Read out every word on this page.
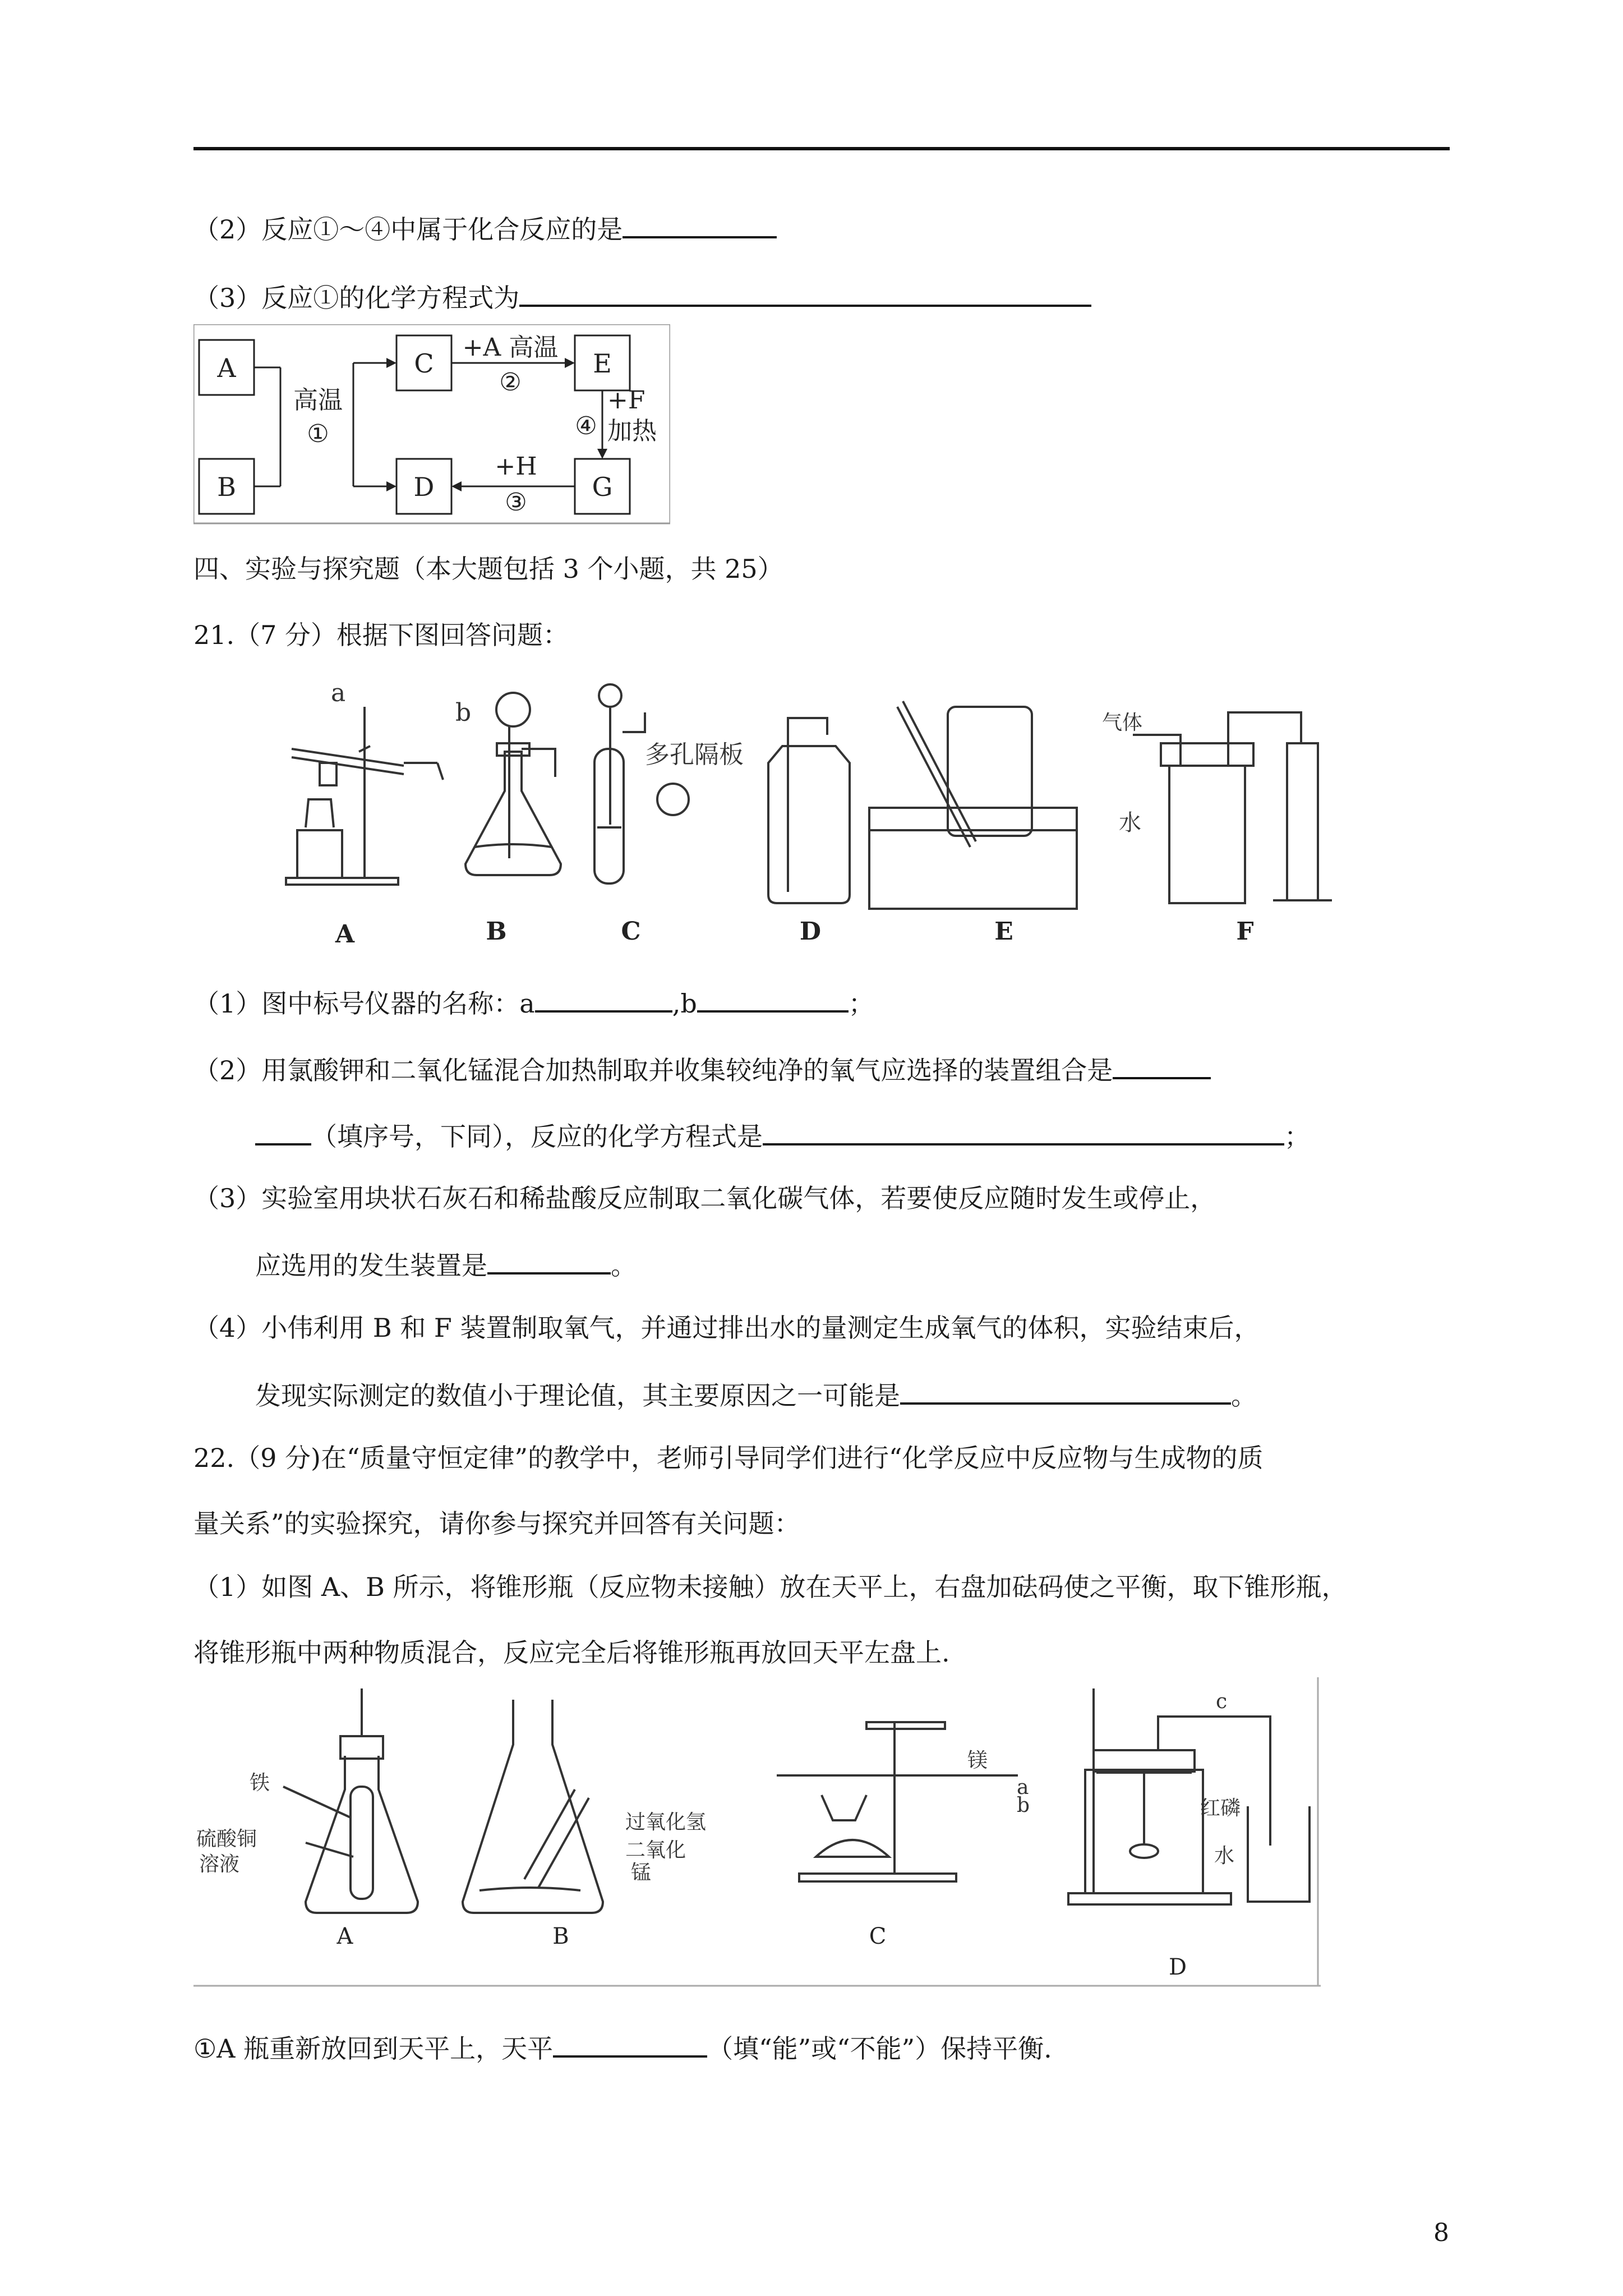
（2）反应①～④中属于化合反应的是
（3）反应①的化学方程式为
A
B
C
D
E
G
高温
①
+A 高温
②
+H
③
④
+F
加热
四、实验与探究题（本大题包括 3 个小题，共 25）
21.（7 分）根据下图回答问题：
a
b
多孔隔板
气体
水
A	B	C	D	E	F
（1）图中标号仪器的名称：a	,b	；
（2）用氯酸钾和二氧化锰混合加热制取并收集较纯净的氧气应选择的装置组合是
（填序号，下同），反应的化学方程式是	；
（3）实验室用块状石灰石和稀盐酸反应制取二氧化碳气体，若要使反应随时发生或停止，
应选用的发生装置是	。
（4）小伟利用 B 和 F 装置制取氧气，并通过排出水的量测定生成氧气的体积，实验结束后，
发现实际测定的数值小于理论值，其主要原因之一可能是	。
22.（9 分)在“质量守恒定律”的教学中，老师引导同学们进行“化学反应中反应物与生成物的质
量关系”的实验探究，请你参与探究并回答有关问题：
（1）如图 A、B 所示，将锥形瓶（反应物未接触）放在天平上，右盘加砝码使之平衡，取下锥形瓶，
将锥形瓶中两种物质混合，反应完全后将锥形瓶再放回天平左盘上.
铁
硫酸铜
溶液
过氧化氢
二氧化
锰
镁
c
a
b	红磷
水
A	B	C
D
①A 瓶重新放回到天平上，天平	（填“能”或“不能”）保持平衡.
8
